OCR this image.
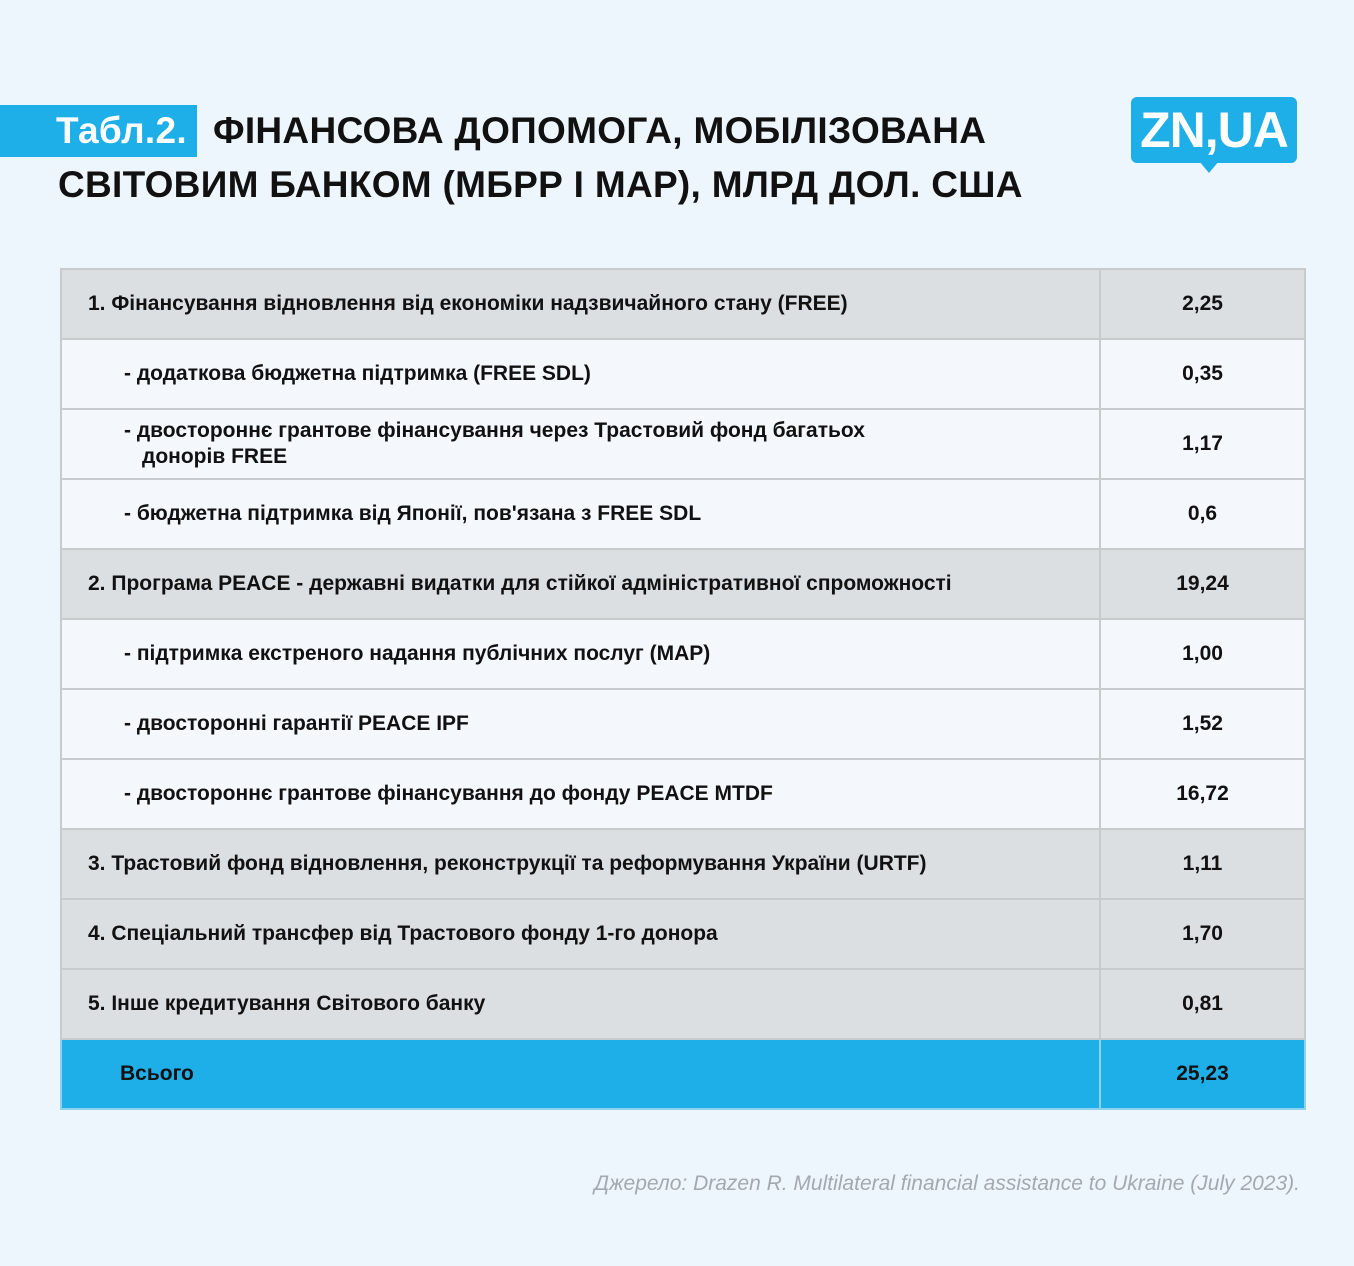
Табл.2. ФІНАНСОВА ДОПОМОГА, МОБІЛІЗОВАНА
СВІТОВИМ БАНКОМ (МБРР І МАР), МЛРД ДОЛ. США
ZN,UA
1. Фінансування відновлення від економіки надзвичайного стану (FREE)	2,25

- додаткова бюджетна підтримка (FREE SDL)	0,35

- двостороннє грантове фінансування через Трастовий фонд багатьох донорів FREE	1,17

- бюджетна підтримка від Японії, пов'язана з FREE SDL	0,6

2. Програма PEACE - державні видатки для стійкої адміністративної спроможності	19,24

- підтримка екстреного надання публічних послуг (МАР)	1,00

- двосторонні гарантії PEACE IPF	1,52

- двостороннє грантове фінансування до фонду PEACE MTDF	16,72

3. Трастовий фонд відновлення, реконструкції та реформування України (URTF)	1,11

4. Спеціальний трансфер від Трастового фонду 1-го донора	1,70

5. Інше кредитування Світового банку	0,81

Всього	25,23
Джерело: Drazen R. Multilateral financial assistance to Ukraine (July 2023).
